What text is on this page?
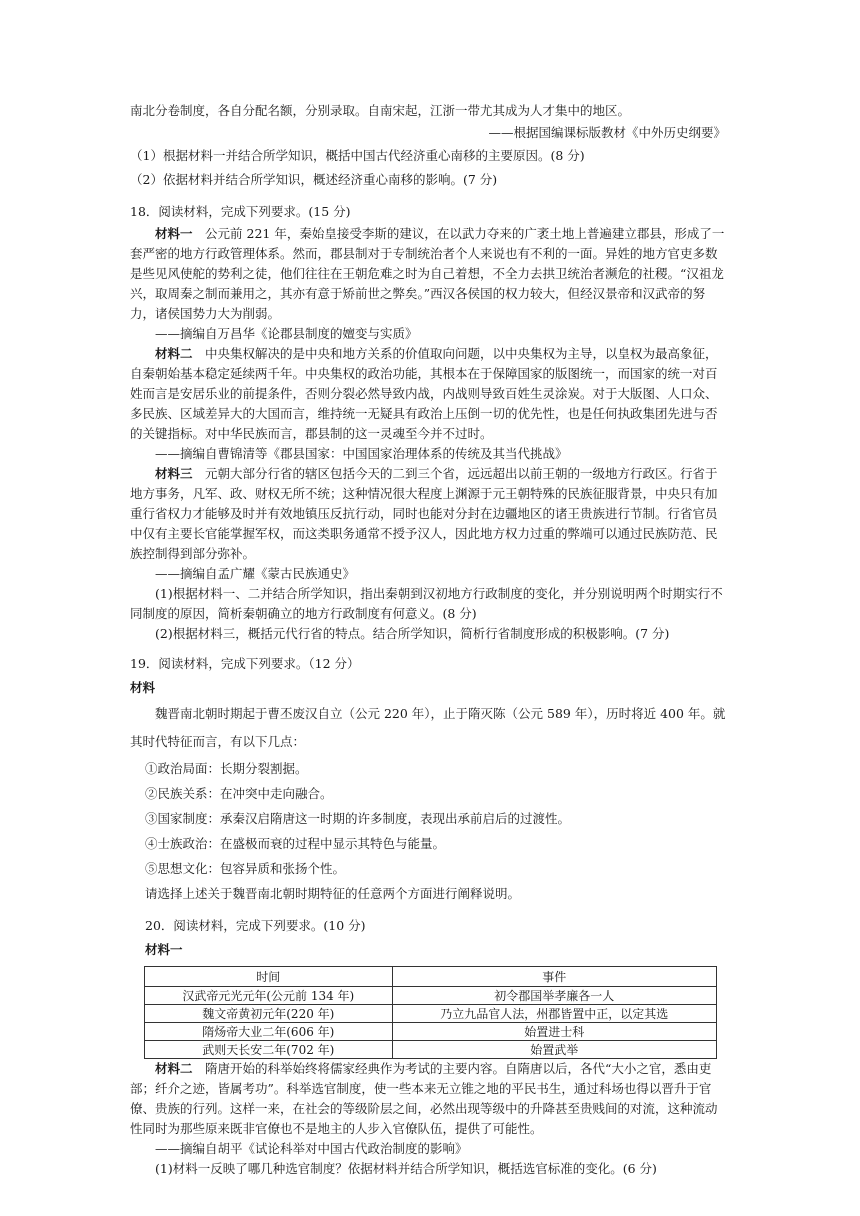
南北分卷制度，各自分配名额，分别录取。自南宋起，江浙一带尤其成为人才集中的地区。

——根据国编课标版教材《中外历史纲要》

（1）根据材料一并结合所学知识，概括中国古代经济重心南移的主要原因。(8 分)

（2）依据材料并结合所学知识，概述经济重心南移的影响。(7 分)

18．阅读材料，完成下列要求。(15 分)

材料一　 公元前 221 年，秦始皇接受李斯的建议，在以武力夺来的广袤土地上普遍建立郡县，形成了一套严密的地方行政管理体系。然而，郡县制对于专制统治者个人来说也有不利的一面。异姓的地方官吏多数是些见风使舵的势利之徒，他们往往在王朝危难之时为自己着想，不全力去拱卫统治者濒危的社稷。“汉祖龙兴，取周秦之制而兼用之，其亦有意于矫前世之弊矣。”西汉各侯国的权力较大，但经汉景帝和汉武帝的努力，诸侯国势力大为削弱。

——摘编自万昌华《论郡县制度的嬗变与实质》

材料二　 中央集权解决的是中央和地方关系的价值取向问题，以中央集权为主导，以皇权为最高象征，自秦朝始基本稳定延续两千年。中央集权的政治功能，其根本在于保障国家的版图统一，而国家的统一对百姓而言是安居乐业的前提条件，否则分裂必然导致内战，内战则导致百姓生灵涂炭。对于大版图、人口众、多民族、区域差异大的大国而言，维持统一无疑具有政治上压倒一切的优先性，也是任何执政集团先进与否的关键指标。对中华民族而言，郡县制的这一灵魂至今并不过时。

——摘编自曹锦清等《郡县国家：中国国家治理体系的传统及其当代挑战》

材料三　 元朝大部分行省的辖区包括今天的二到三个省，远远超出以前王朝的一级地方行政区。行省于地方事务，凡军、政、财权无所不统；这种情况很大程度上渊源于元王朝特殊的民族征服背景，中央只有加重行省权力才能够及时并有效地镇压反抗行动，同时也能对分封在边疆地区的诸王贵族进行节制。行省官员中仅有主要长官能掌握军权，而这类职务通常不授予汉人，因此地方权力过重的弊端可以通过民族防范、民族控制得到部分弥补。

——摘编自孟广耀《蒙古民族通史》

(1)根据材料一、二并结合所学知识，指出秦朝到汉初地方行政制度的变化，并分别说明两个时期实行不同制度的原因，简析秦朝确立的地方行政制度有何意义。(8 分)

(2)根据材料三，概括元代行省的特点。结合所学知识，简析行省制度形成的积极影响。(7 分)

19．阅读材料，完成下列要求。（12 分）

材料

魏晋南北朝时期起于曹丕废汉自立（公元 220 年），止于隋灭陈（公元 589 年），历时将近 400 年。就其时代特征而言，有以下几点：

①政治局面：长期分裂割据。

②民族关系：在冲突中走向融合。

③国家制度：承秦汉启隋唐这一时期的许多制度，表现出承前启后的过渡性。

④士族政治：在盛极而衰的过程中显示其特色与能量。

⑤思想文化：包容异质和张扬个性。

请选择上述关于魏晋南北朝时期特征的任意两个方面进行阐释说明。

20．阅读材料，完成下列要求。(10 分)

材料一

时间	事件
汉武帝元光元年(公元前 134 年)	初令郡国举孝廉各一人
魏文帝黄初元年(220 年)	乃立九品官人法，州郡皆置中正，以定其选
隋炀帝大业二年(606 年)	始置进士科
武则天长安二年(702 年)	始置武举

材料二　 隋唐开始的科举始终将儒家经典作为考试的主要内容。自隋唐以后，各代“大小之官，悉由吏部；纤介之迹，皆属考功”。科举选官制度，使一些本来无立锥之地的平民书生，通过科场也得以晋升于官僚、贵族的行列。这样一来，在社会的等级阶层之间，必然出现等级中的升降甚至贵贱间的对流，这种流动性同时为那些原来既非官僚也不是地主的人步入官僚队伍，提供了可能性。

——摘编自胡平《试论科举对中国古代政治制度的影响》

(1)材料一反映了哪几种选官制度？依据材料并结合所学知识，概括选官标准的变化。(6 分)
